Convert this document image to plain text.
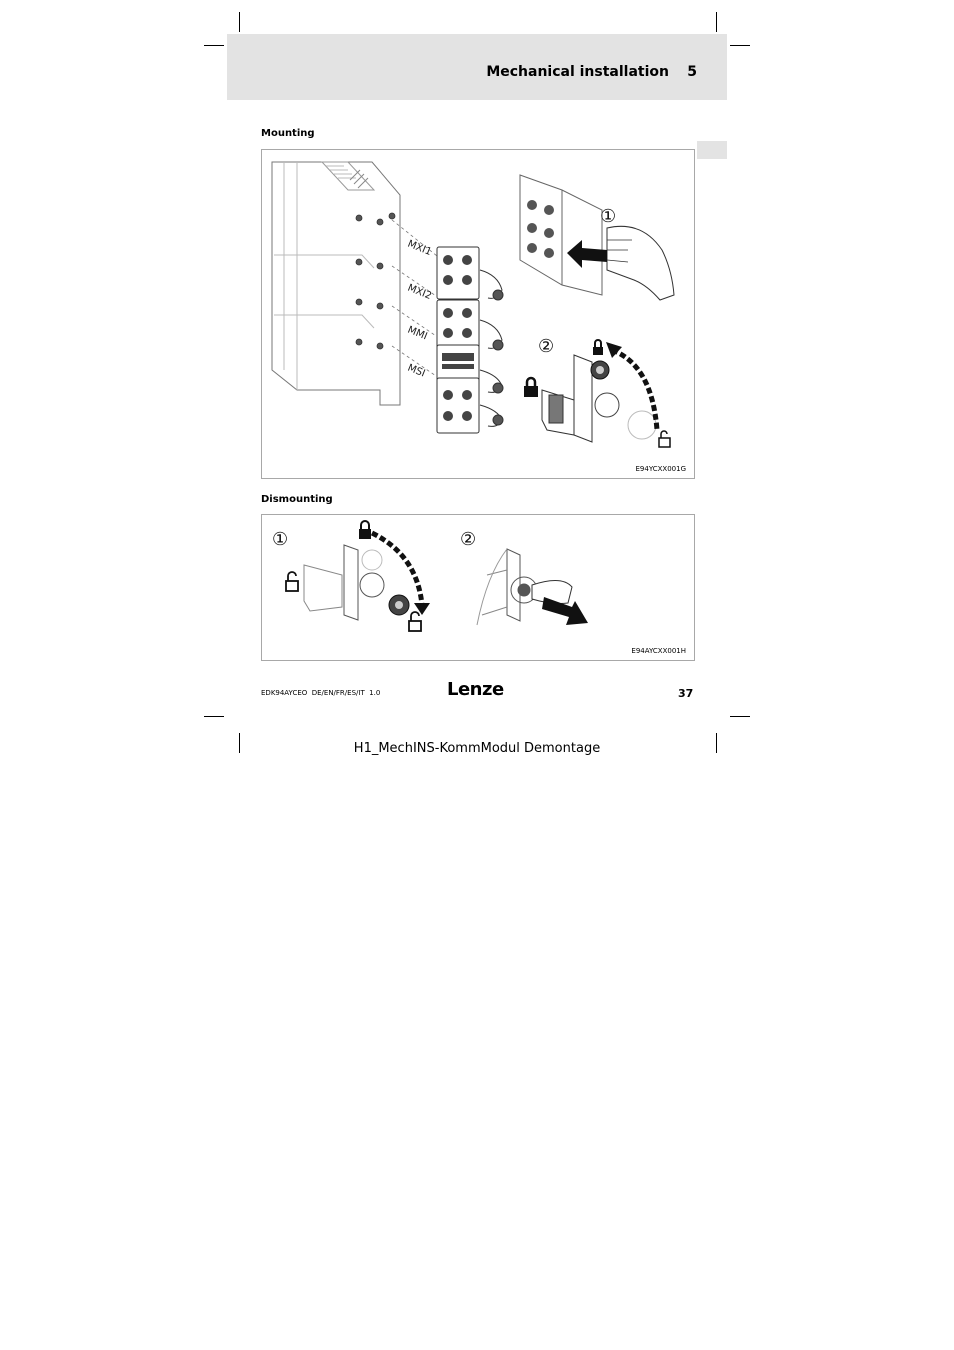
Mechanical installation 5
Mounting
MXI1
MXI2
MMI
MSI
①
②
E94YCXX001G
Dismounting
①	②
E94AYCXX001H
EDK94AYCEO  DE/EN/FR/ES/IT  1.0	Lenze	37
H1_MechINS-KommModul Demontage
